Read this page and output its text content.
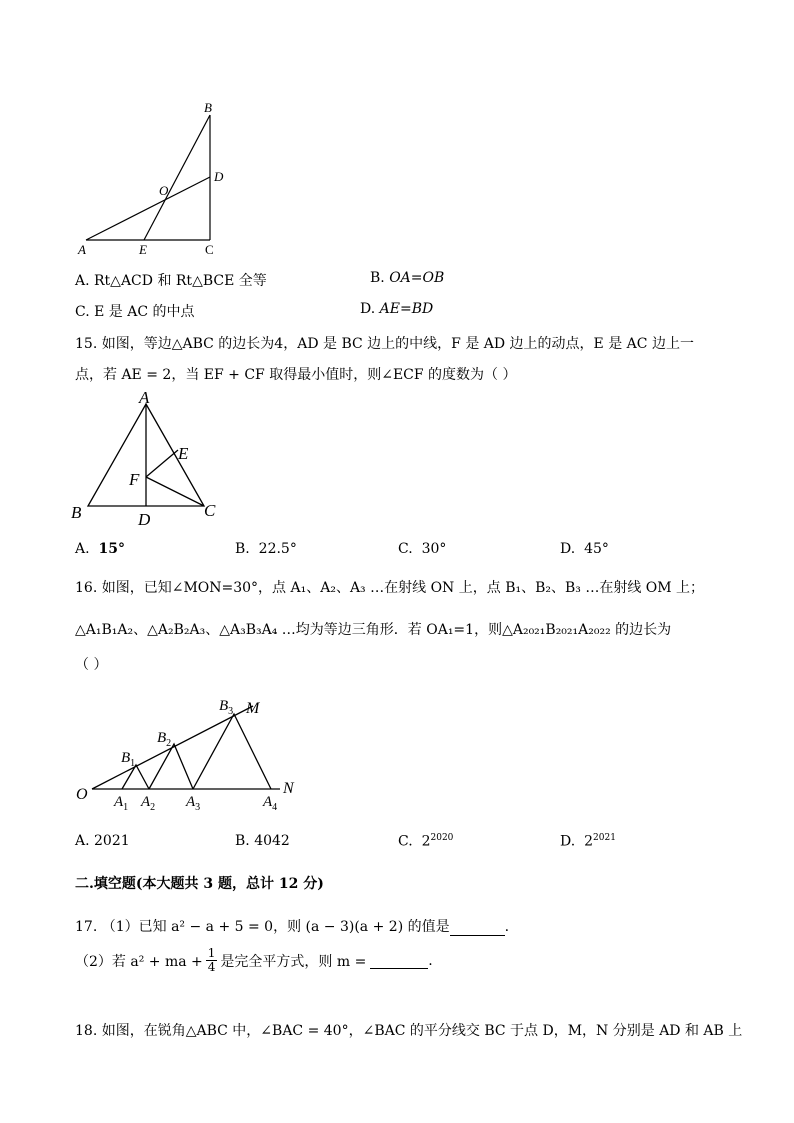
B
D
O
A	E	C
A. Rt△ACD 和 Rt△BCE 全等	B. OA=OB
C. E 是 AC 的中点	D. AE=BD
15. 如图，等边△ABC 的边长为4，AD 是 BC 边上的中线，F 是 AD 边上的动点，E 是 AC 边上一
点，若 AE = 2，当 EF + CF 取得最小值时，则∠ECF 的度数为（ ）
A
E
F
B	D	C
A. 15°	B. 22.5°	C. 30°	D. 45°
16. 如图，已知∠MON=30°，点 A₁、A₂、A₃ …在射线 ON 上，点 B₁、B₂、B₃ …在射线 OM 上；
△A₁B₁A₂、△A₂B₂A₃、△A₃B₃A₄ …均为等边三角形．若 OA₁=1，则△A₂₀₂₁B₂₀₂₁A₂₀₂₂ 的边长为
（ ）
O
M
N
$B_1$
$B_2$
$B_3$
$A_1$ $A_2$ $A_3$	$A_4$
A. 2021	B. 4042	C. $2^{2020}$	D. $2^{2021}$
二.填空题(本大题共 3 题，总计 12 分)
17. （1）已知 a² − a + 5 = 0，则 (a − 3)(a + 2) 的值是	.
（2）若 a² + ma + $\frac{1}{4}$ 是完全平方式，则 m =
	.
18. 如图，在锐角△ABC 中，∠BAC = 40°，∠BAC 的平分线交 BC 于点 D，M，N 分别是 AD 和 AB 上
